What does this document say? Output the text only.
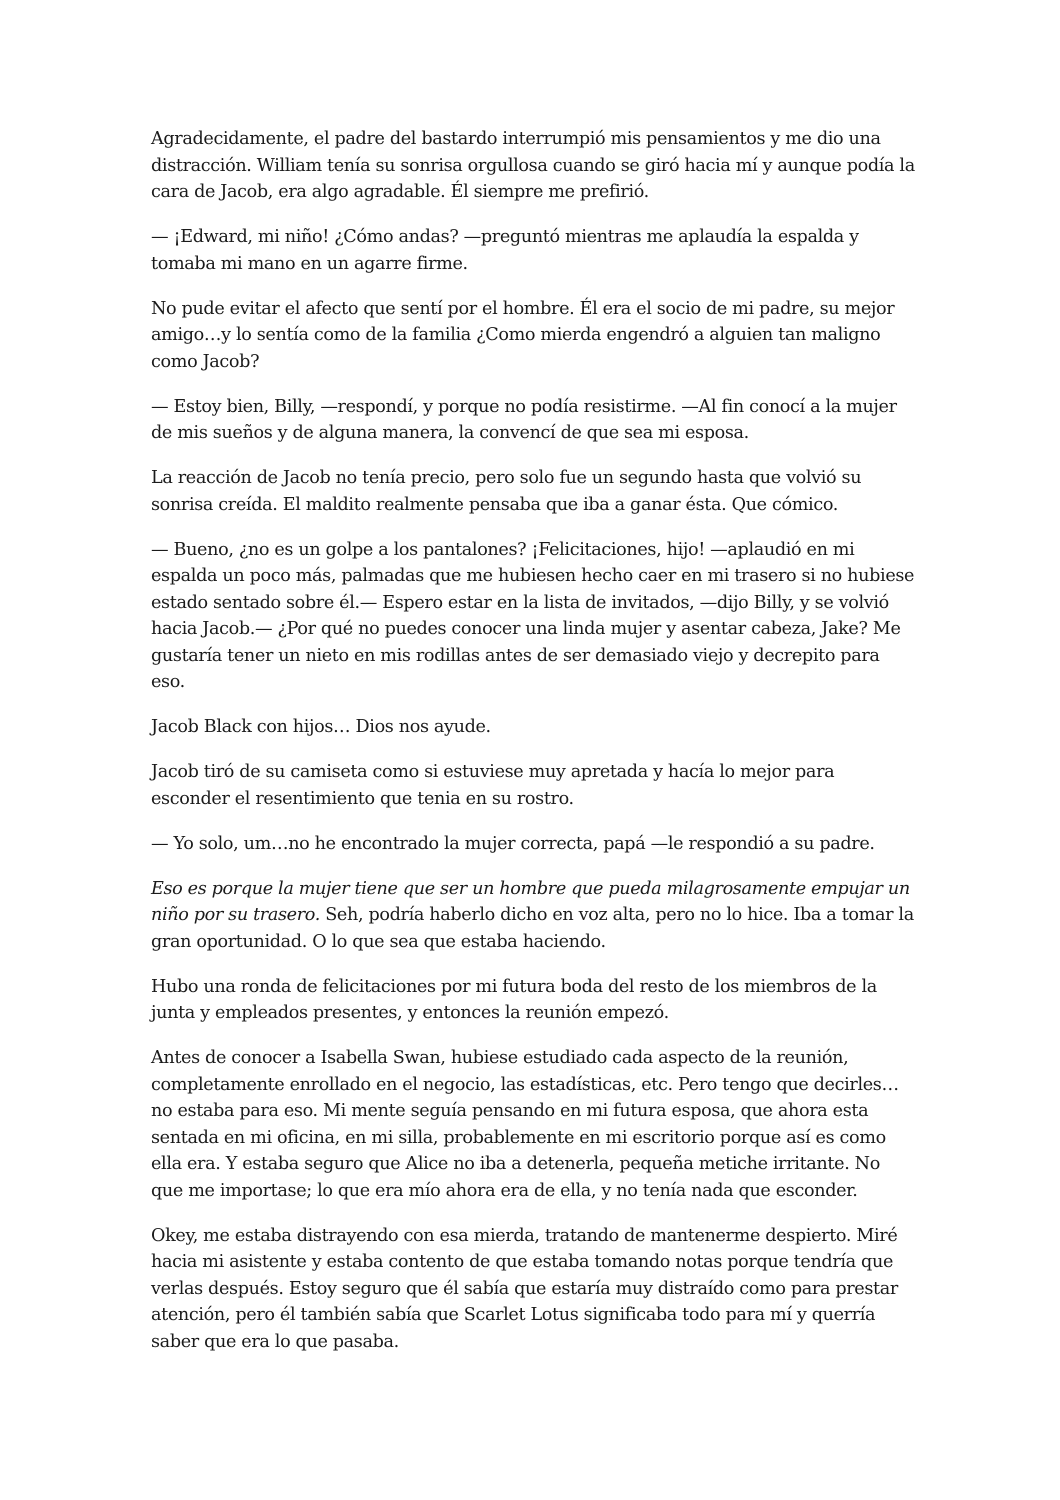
Agradecidamente, el padre del bastardo interrumpió mis pensamientos y me dio una distracción. William tenía su sonrisa orgullosa cuando se giró hacia mí y aunque podía la cara de Jacob, era algo agradable. Él siempre me prefirió.

— ¡Edward, mi niño! ¿Cómo andas? —preguntó mientras me aplaudía la espalda y tomaba mi mano en un agarre firme.

No pude evitar el afecto que sentí por el hombre. Él era el socio de mi padre, su mejor amigo…y lo sentía como de la familia ¿Como mierda engendró a alguien tan maligno como Jacob?

— Estoy bien, Billy, —respondí, y porque no podía resistirme. —Al fin conocí a la mujer de mis sueños y de alguna manera, la convencí de que sea mi esposa.

La reacción de Jacob no tenía precio, pero solo fue un segundo hasta que volvió su sonrisa creída. El maldito realmente pensaba que iba a ganar ésta. Que cómico.

— Bueno, ¿no es un golpe a los pantalones? ¡Felicitaciones, hijo! —aplaudió en mi espalda un poco más, palmadas que me hubiesen hecho caer en mi trasero si no hubiese estado sentado sobre él.— Espero estar en la lista de invitados, —dijo Billy, y se volvió hacia Jacob.— ¿Por qué no puedes conocer una linda mujer y asentar cabeza, Jake? Me gustaría tener un nieto en mis rodillas antes de ser demasiado viejo y decrepito para eso.

Jacob Black con hijos… Dios nos ayude.

Jacob tiró de su camiseta como si estuviese muy apretada y hacía lo mejor para esconder el resentimiento que tenia en su rostro.

— Yo solo, um…no he encontrado la mujer correcta, papá —le respondió a su padre.

Eso es porque la mujer tiene que ser un hombre que pueda milagrosamente empujar un niño por su trasero. Seh, podría haberlo dicho en voz alta, pero no lo hice. Iba a tomar la gran oportunidad. O lo que sea que estaba haciendo.

Hubo una ronda de felicitaciones por mi futura boda del resto de los miembros de la junta y empleados presentes, y entonces la reunión empezó.

Antes de conocer a Isabella Swan, hubiese estudiado cada aspecto de la reunión, completamente enrollado en el negocio, las estadísticas, etc. Pero tengo que decirles… no estaba para eso. Mi mente seguía pensando en mi futura esposa, que ahora esta sentada en mi oficina, en mi silla, probablemente en mi escritorio porque así es como ella era. Y estaba seguro que Alice no iba a detenerla, pequeña metiche irritante. No que me importase; lo que era mío ahora era de ella, y no tenía nada que esconder.

Okey, me estaba distrayendo con esa mierda, tratando de mantenerme despierto. Miré hacia mi asistente y estaba contento de que estaba tomando notas porque tendría que verlas después. Estoy seguro que él sabía que estaría muy distraído como para prestar atención, pero él también sabía que Scarlet Lotus significaba todo para mí y querría saber que era lo que pasaba.
